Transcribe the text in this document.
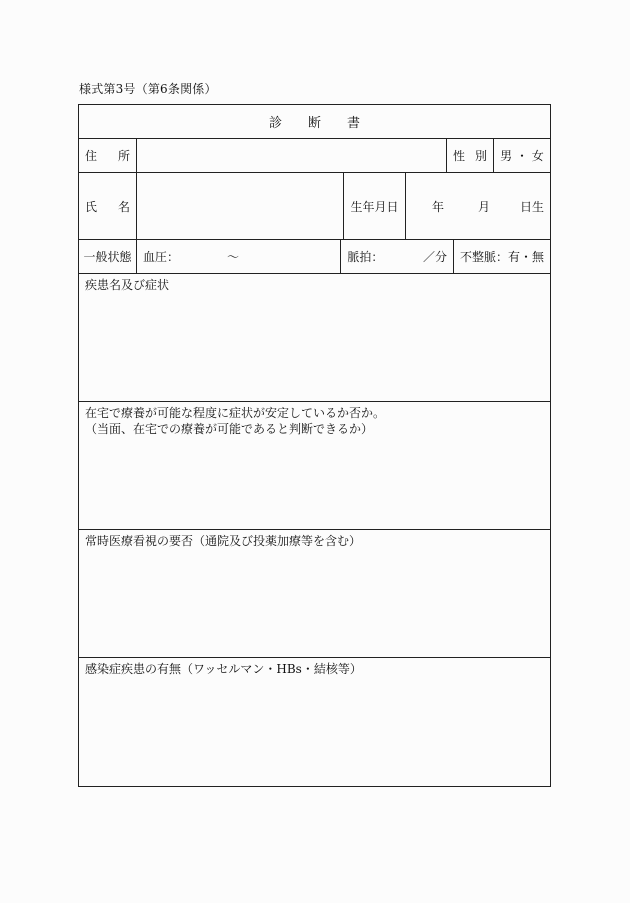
様式第3号（第6条関係）
診　　断　　書
住 所	性 別 男 ・ 女
氏 名	生年月日	年	月	日生
一般状態 血圧：	～	脈拍：	／分 不整脈：有・無
疾患名及び症状
在宅で療養が可能な程度に症状が安定しているか否か。
（当面、在宅での療養が可能であると判断できるか）
常時医療看視の要否（通院及び投薬加療等を含む）
感染症疾患の有無（ワッセルマン・HBs・結核等）
